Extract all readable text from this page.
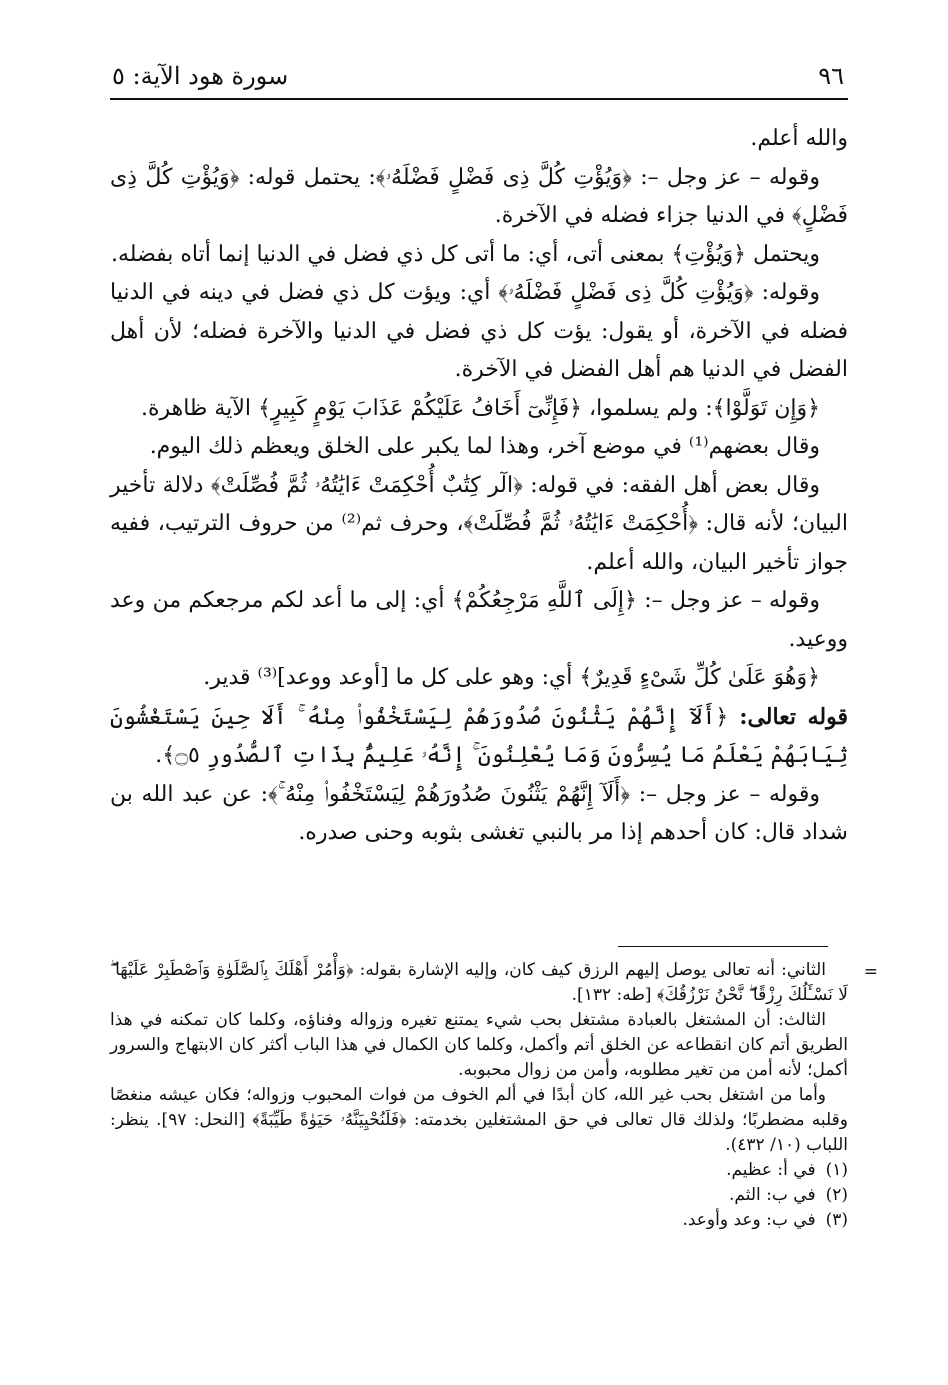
٩٦
سورة هود الآية: ٥

والله أعلم.

وقوله – عز وجل –: ﴿وَيُؤْتِ كُلَّ ذِى فَضْلٍ فَضْلَهُۥ﴾: يحتمل قوله: ﴿وَيُؤْتِ كُلَّ ذِى فَضْلٍ﴾ في الدنيا جزاء فضله في الآخرة.

ويحتمل ﴿وَيُؤْتِ﴾ بمعنى أتى، أي: ما أتى كل ذي فضل في الدنيا إنما أتاه بفضله.

وقوله: ﴿وَيُؤْتِ كُلَّ ذِى فَضْلٍ فَضْلَهُۥ﴾ أي: ويؤت كل ذي فضل في دينه في الدنيا فضله في الآخرة، أو يقول: يؤت كل ذي فضل في الدنيا والآخرة فضله؛ لأن أهل الفضل في الدنيا هم أهل الفضل في الآخرة.

﴿وَإِن تَوَلَّوْا﴾: ولم يسلموا، ﴿فَإِنِّىٓ أَخَافُ عَلَيْكُمْ عَذَابَ يَوْمٍ كَبِيرٍ﴾ الآية ظاهرة.

وقال بعضهم⁽¹⁾ في موضع آخر، وهذا لما يكبر على الخلق ويعظم ذلك اليوم.

وقال بعض أهل الفقه: في قوله: ﴿الٓر كِتَٰبٌ أُحْكِمَتْ ءَايَٰتُهُۥ ثُمَّ فُصِّلَتْ﴾ دلالة تأخير البيان؛ لأنه قال: ﴿أُحْكِمَتْ ءَايَٰتُهُۥ ثُمَّ فُصِّلَتْ﴾، وحرف ثم⁽²⁾ من حروف الترتيب، ففيه جواز تأخير البيان، والله أعلم.

وقوله – عز وجل –: ﴿إِلَى ٱللَّهِ مَرْجِعُكُمْ﴾ أي: إلى ما أعد لكم مرجعكم من وعد ووعيد.

﴿وَهُوَ عَلَىٰ كُلِّ شَىْءٍ قَدِيرٌ﴾ أي: وهو على كل ما [أوعد ووعد]⁽³⁾ قدير.

قوله تعالى: ﴿أَلَآ إِنَّهُمْ يَثْنُونَ صُدُورَهُمْ لِيَسْتَخْفُوا۟ مِنْهُ ۚ أَلَا حِينَ يَسْتَغْشُونَ ثِيَابَهُمْ يَعْلَمُ مَا يُسِرُّونَ وَمَا يُعْلِنُونَ ۚ إِنَّهُۥ عَلِيمٌۢ بِذَاتِ ٱلصُّدُورِ ۝٥﴾.

وقوله – عز وجل –: ﴿أَلَآ إِنَّهُمْ يَثْنُونَ صُدُورَهُمْ لِيَسْتَخْفُوا۟ مِنْهُ ۚ﴾: عن عبد الله بن شداد قال: كان أحدهم إذا مر بالنبي تغشى بثوبه وحنى صدره.

=

الثاني: أنه تعالى يوصل إليهم الرزق كيف كان، وإليه الإشارة بقوله: ﴿وَأْمُرْ أَهْلَكَ بِٱلصَّلَوٰةِ وَٱصْطَبِرْ عَلَيْهَا ۖ لَا نَسْـَٔلُكَ رِزْقًا ۖ نَّحْنُ نَرْزُقُكَ﴾ [طه: ١٣٢].

الثالث: أن المشتغل بالعبادة مشتغل بحب شيء يمتنع تغيره وزواله وفناؤه، وكلما كان تمكنه في هذا الطريق أتم كان انقطاعه عن الخلق أتم وأكمل، وكلما كان الكمال في هذا الباب أكثر كان الابتهاج والسرور أكمل؛ لأنه أمن من تغير مطلوبه، وأمن من زوال محبوبه.

وأما من اشتغل بحب غير الله، كان أبدًا في ألم الخوف من فوات المحبوب وزواله؛ فكان عيشه منغصًا وقلبه مضطربًا؛ ولذلك قال تعالى في حق المشتغلين بخدمته: ﴿فَلَنُحْيِيَنَّهُۥ حَيَوٰةً طَيِّبَةً﴾ [النحل: ٩٧]. ينظر: اللباب (١٠/ ٤٣٢).

(١)
في أ: عظيم.
(٢)
في ب: الثم.
(٣)
في ب: وعد وأوعد.
